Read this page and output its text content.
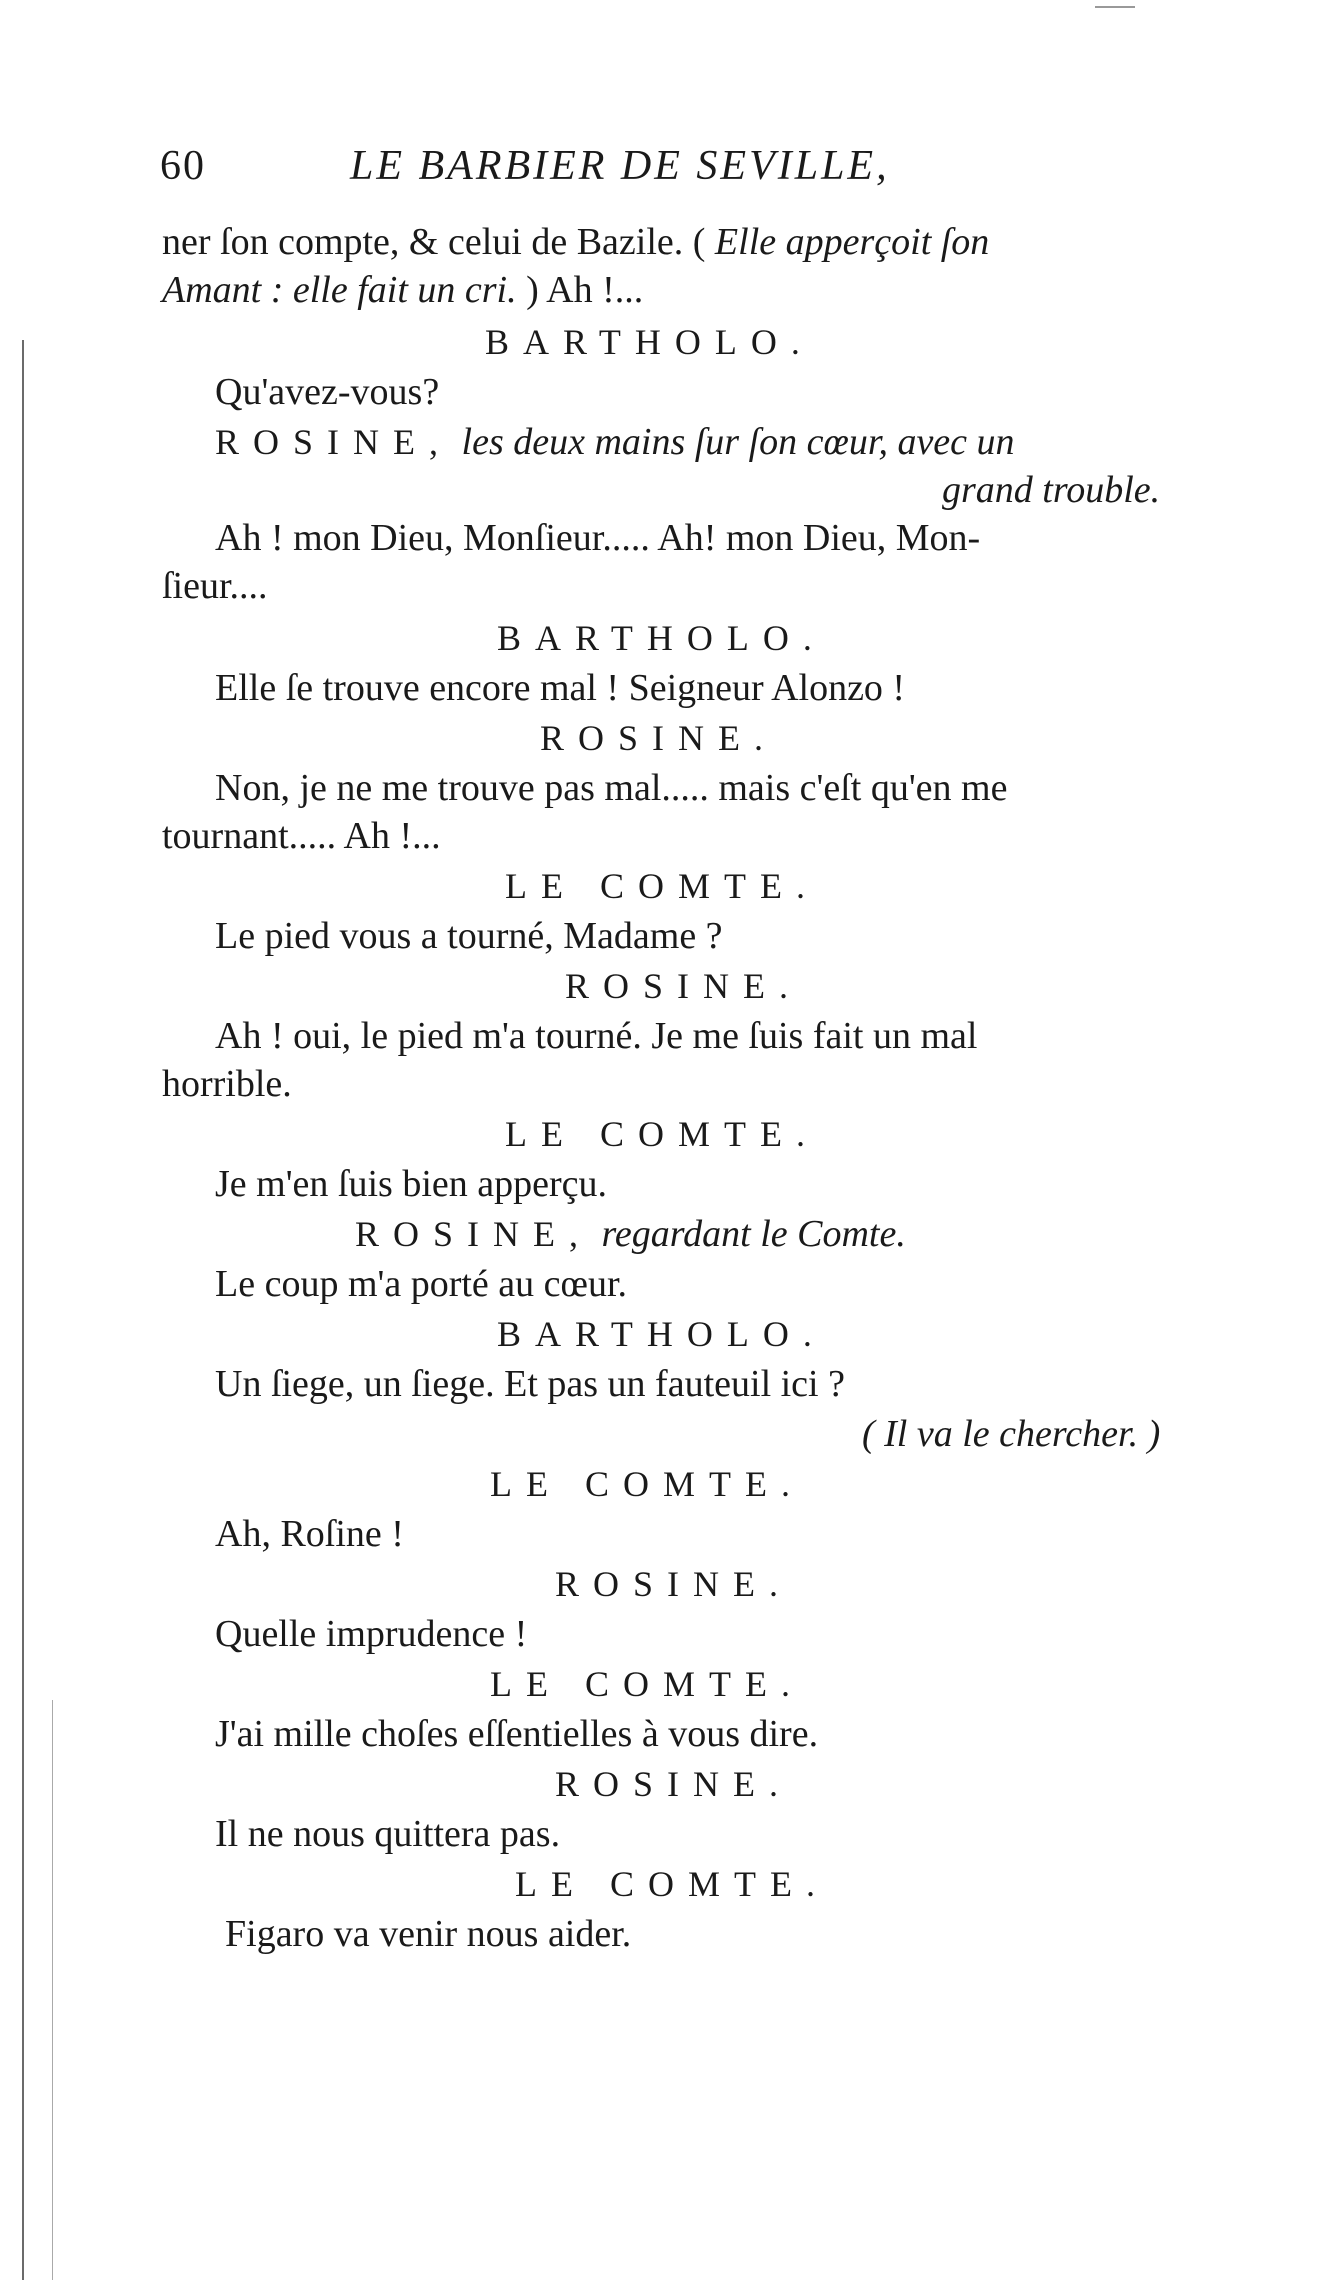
60	LE BARBIER DE SEVILLE,
ner ſon compte, & celui de Bazile. ( Elle apperçoit ſon
Amant : elle fait un cri. ) Ah !...
BARTHOLO.
Qu'avez-vous?
ROSINE, les deux mains ſur ſon cœur, avec un
grand trouble.
Ah ! mon Dieu, Monſieur..... Ah! mon Dieu, Mon-
ſieur....
BARTHOLO.
Elle ſe trouve encore mal ! Seigneur Alonzo !
ROSINE.
Non, je ne me trouve pas mal..... mais c'eſt qu'en me
tournant..... Ah !...
LE COMTE.
Le pied vous a tourné, Madame ?
ROSINE.
Ah ! oui, le pied m'a tourné. Je me ſuis fait un mal
horrible.
LE COMTE.
Je m'en ſuis bien apperçu.
ROSINE, regardant le Comte.
Le coup m'a porté au cœur.
BARTHOLO.
Un ſiege, un ſiege. Et pas un fauteuil ici ?
( Il va le chercher. )
LE COMTE.
Ah, Roſine !
ROSINE.
Quelle imprudence !
LE COMTE.
J'ai mille choſes eſſentielles à vous dire.
ROSINE.
Il ne nous quittera pas.
LE COMTE.
Figaro va venir nous aider.
